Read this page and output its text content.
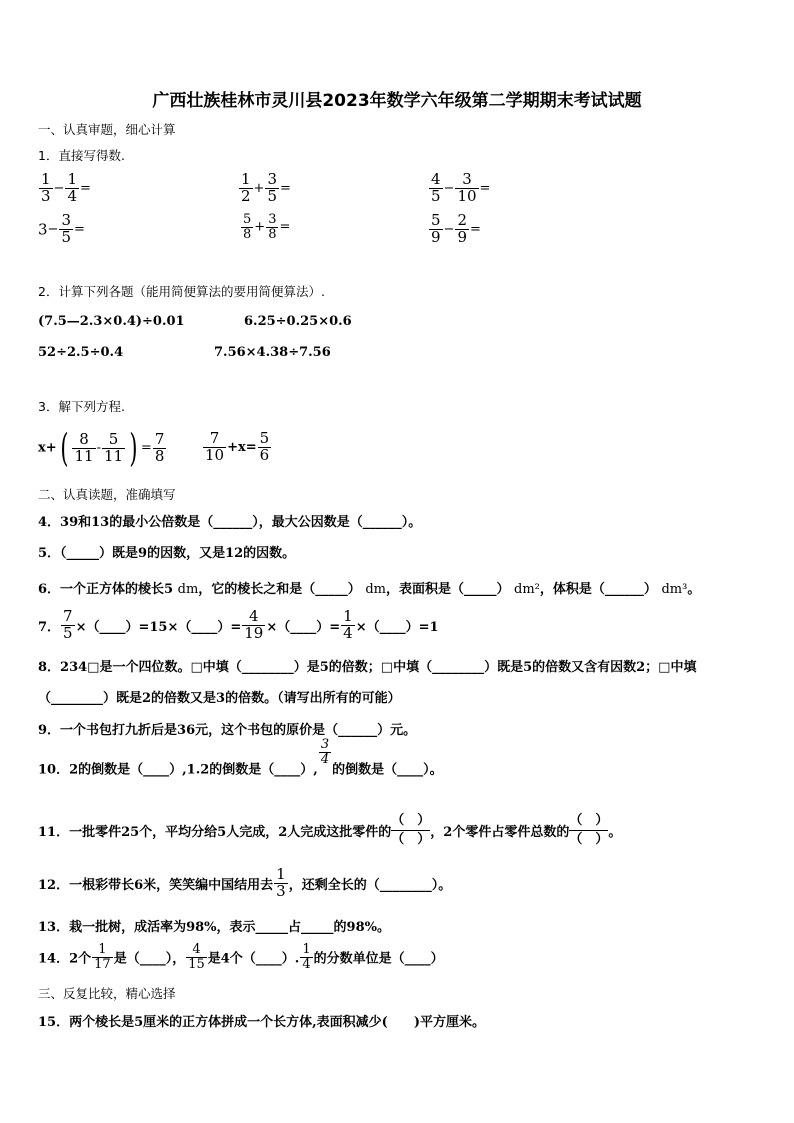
广西壮族桂林市灵川县2023年数学六年级第二学期期末考试试题
一、认真审题，细心计算
1．直接写得数.
$\frac{1}{3} - \frac{1}{4}$ =	$\frac{1}{2} + \frac{3}{5}$ =	$\frac{4}{5} - \frac{3}{10}$ =
$3- \frac{3}{5}$ =	$\frac{5}{8} + \frac{3}{8}$ =	$\frac{5}{9} - \frac{2}{9}$ =
2．计算下列各题（能用简便算法的要用简便算法）.
(7.5—2.3×0.4)÷0.01	6.25÷0.25×0.6
52÷2.5÷0.4	7.56×4.38÷7.56
3．解下列方程.
$x+( \frac{8}{11} - \frac{5}{11}$ ) = $\frac{7}{8} \frac{7}{10} +x= \frac{5}{6}$
二、认真读题，准确填写
4．39和13的最小公倍数是（______），最大公因数是（______）。
5．（_____）既是9的因数，又是12的因数。
6．一个正方体的棱长5 dm，它的棱长之和是（_____） dm，表面积是（_____） dm²，体积是（______） dm³。
7． $\frac{7}{5}$ ×（____）=15×（____）= $\frac{4}{19}$ ×（____）= $\frac{1}{4}$ ×（____）=1
8．234□是一个四位数。□中填（________）是5的倍数；□中填（________）既是5的倍数又含有因数2；□中填
（________）既是2的倍数又是3的倍数。（请写出所有的可能）
9．一个书包打九折后是36元，这个书包的原价是（______）元。
10．2的倒数是（____）,1.2的倒数是（____）,
$\frac{3}{4}$
的倒数是（____）。
11．一批零件25个，平均分给5人完成，2人完成这批零件的
（　）
（　） ，2个零件占零件总数的
（　）
（　） 。
12．一根彩带长6米，笑笑编中国结用去 $\frac{1}{3}$ ，还剩全长的（________）。
13．栽一批树，成活率为98%，表示_____占_____的98%。
14．2个 $\frac{1}{17}$ 是（____）， $\frac{4}{15}$ 是4个（____）. $\frac{1}{4}$ 的分数单位是（____）
三、反复比较，精心选择
15．两个棱长是5厘米的正方体拼成一个长方体,表面积减少(　　)平方厘米。
